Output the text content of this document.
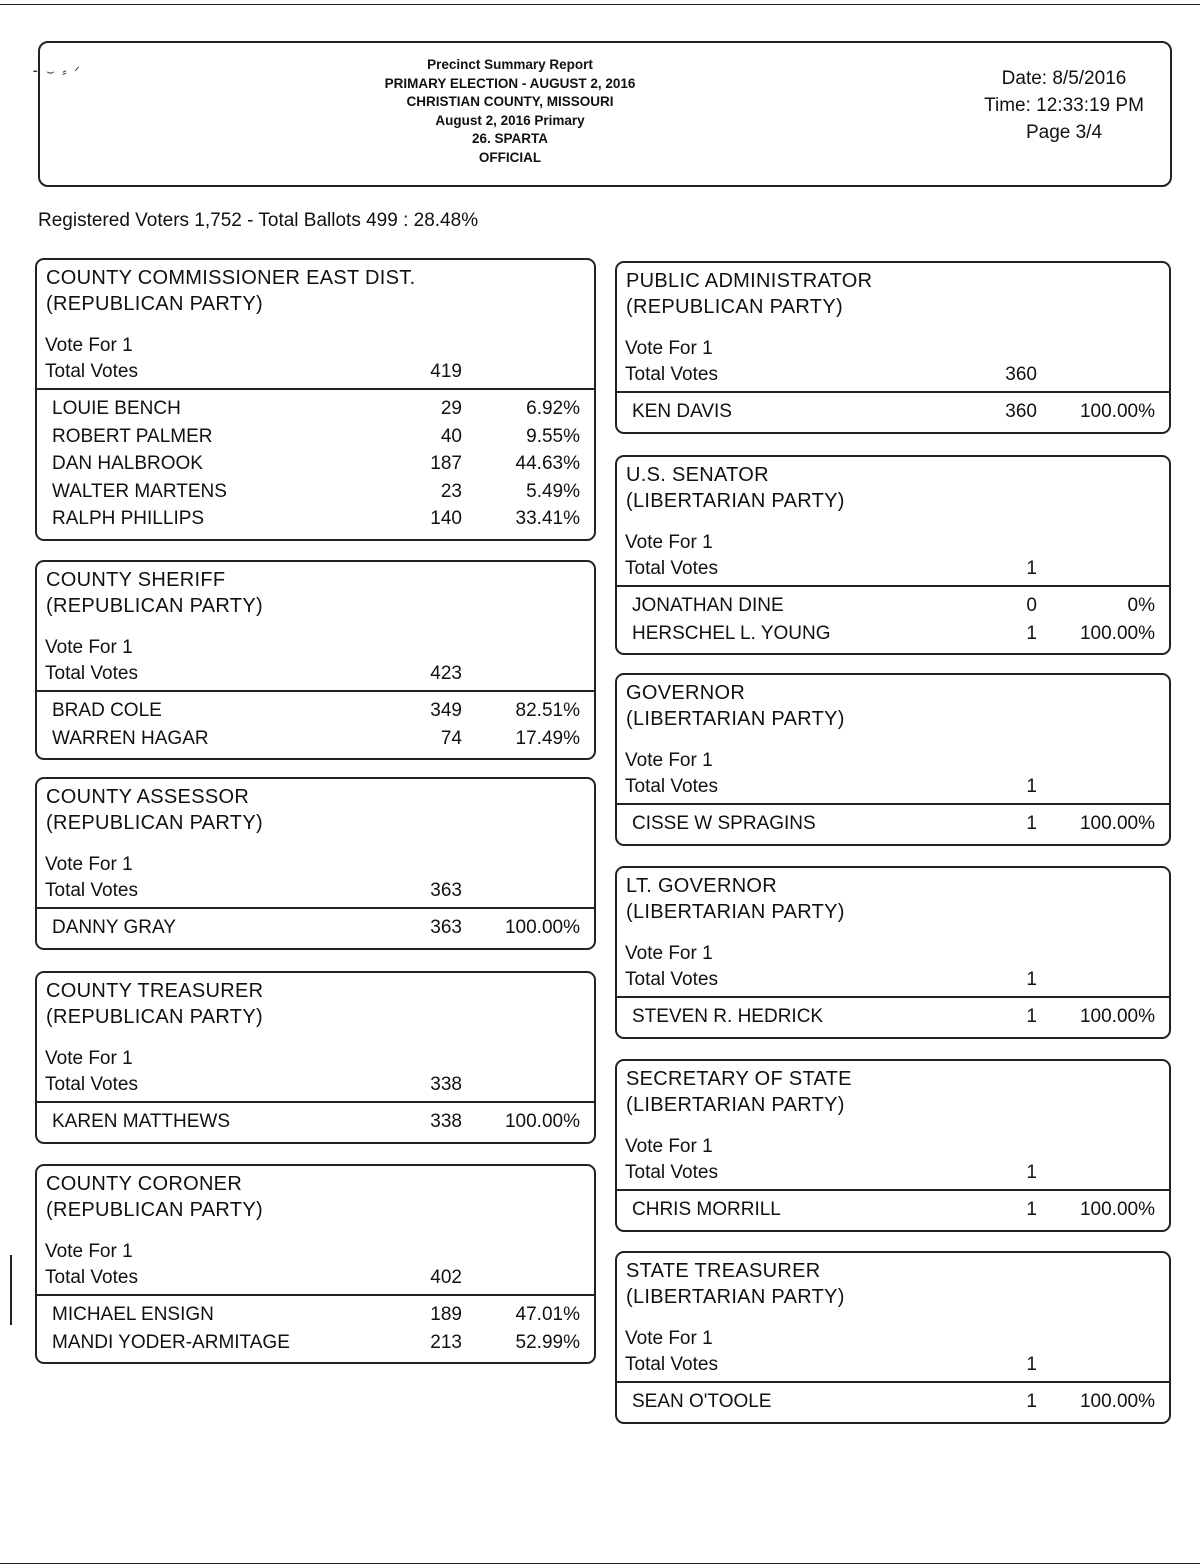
⁃ ⌣ ⸗ ᐟ	Precinct Summary Report
PRIMARY ELECTION - AUGUST 2, 2016
CHRISTIAN COUNTY, MISSOURI
August 2, 2016 Primary
26. SPARTA
OFFICIAL
Date: 8/5/2016
Time: 12:33:19 PM
Page 3/4
Registered Voters 1,752 - Total Ballots 499 : 28.48%
COUNTY COMMISSIONER EAST DIST.
(REPUBLICAN PARTY)
Vote For 1
Total Votes	419
LOUIE BENCH	29	6.92%
ROBERT PALMER	40	9.55%
DAN HALBROOK	187	44.63%
WALTER MARTENS	23	5.49%
RALPH PHILLIPS	140	33.41%
COUNTY SHERIFF
(REPUBLICAN PARTY)
Vote For 1
Total Votes	423
BRAD COLE	349	82.51%
WARREN HAGAR	74	17.49%
COUNTY ASSESSOR
(REPUBLICAN PARTY)
Vote For 1
Total Votes	363
DANNY GRAY	363 100.00%
COUNTY TREASURER
(REPUBLICAN PARTY)
Vote For 1
Total Votes	338
KAREN MATTHEWS	338 100.00%
COUNTY CORONER
(REPUBLICAN PARTY)
Vote For 1
Total Votes	402
MICHAEL ENSIGN	189	47.01%
MANDI YODER-ARMITAGE	213	52.99%
PUBLIC ADMINISTRATOR
(REPUBLICAN PARTY)
Vote For 1
Total Votes	360
KEN DAVIS	360 100.00%
U.S. SENATOR
(LIBERTARIAN PARTY)
Vote For 1
Total Votes	1
JONATHAN DINE	0	0%
HERSCHEL L. YOUNG	1 100.00%
GOVERNOR
(LIBERTARIAN PARTY)
Vote For 1
Total Votes	1
CISSE W SPRAGINS	1 100.00%
LT. GOVERNOR
(LIBERTARIAN PARTY)
Vote For 1
Total Votes	1
STEVEN R. HEDRICK	1 100.00%
SECRETARY OF STATE
(LIBERTARIAN PARTY)
Vote For 1
Total Votes	1
CHRIS MORRILL	1 100.00%
STATE TREASURER
(LIBERTARIAN PARTY)
Vote For 1
Total Votes	1
SEAN O'TOOLE	1 100.00%
